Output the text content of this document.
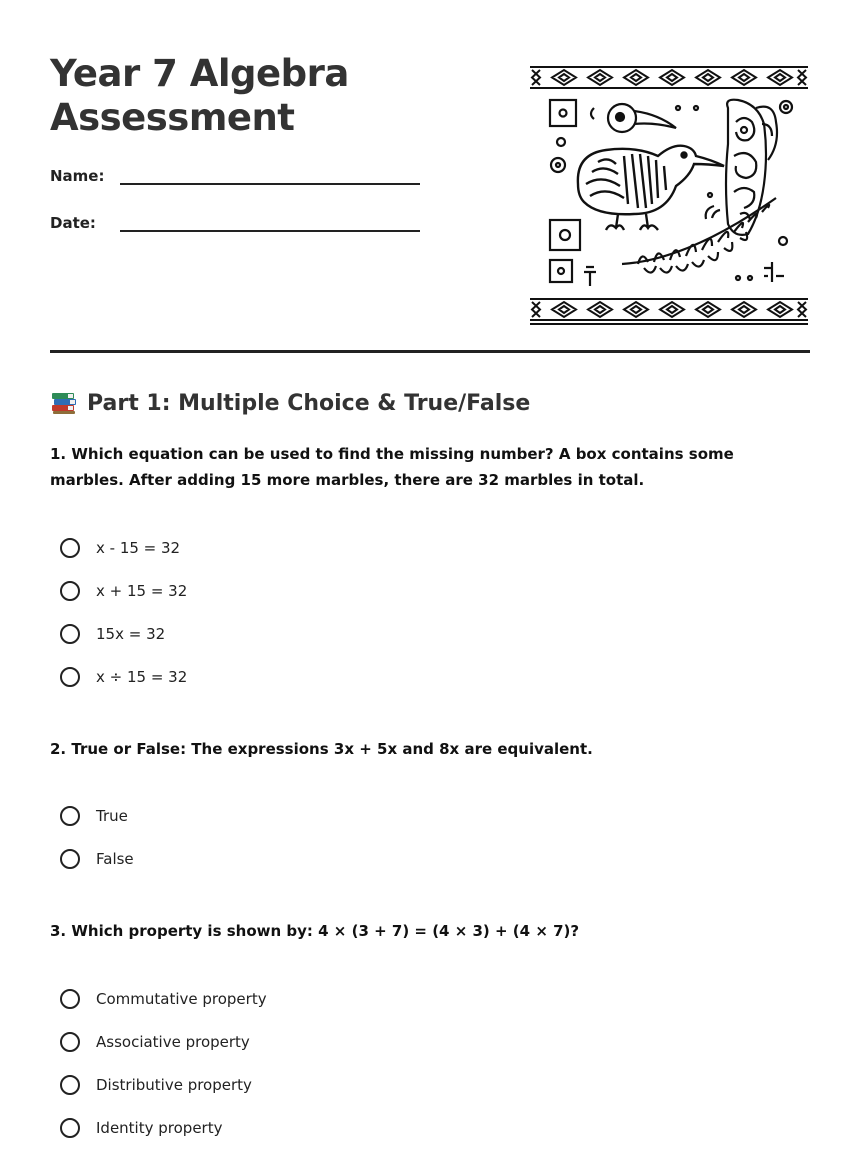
Year 7 Algebra
Assessment
Name:
Date:
Part 1: Multiple Choice & True/False

1. Which equation can be used to find the missing number? A box contains some marbles. After adding 15 more marbles, there are 32 marbles in total.

x - 15 = 32
x + 15 = 32
15x = 32
x ÷ 15 = 32

2. True or False: The expressions 3x + 5x and 8x are equivalent.

True
False

3. Which property is shown by: 4 × (3 + 7) = (4 × 3) + (4 × 7)?

Commutative property
Associative property
Distributive property
Identity property
